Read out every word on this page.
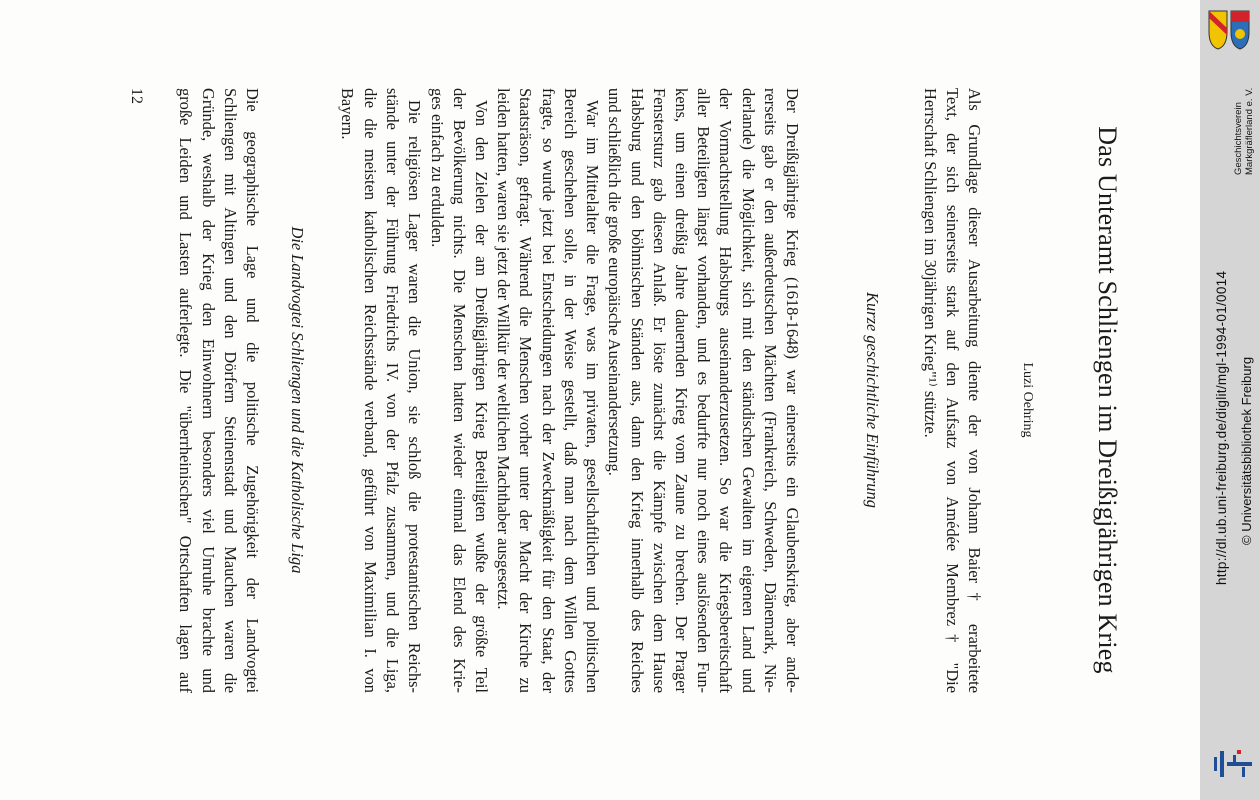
Das Unteramt Schliengen im Dreißigjährigen Krieg
Luzi Oehring

Als Grundlage dieser Ausarbeitung diente der von Johann Baier† erarbeitete
Text, der sich seinerseits stark auf den Aufsatz von Amédée Membrez† "Die
Herrschaft Schliengen im 30jährigen Krieg"¹⁾ stützte.

Kurze geschichtliche Einführung

Der Dreißigjährige Krieg (1618-1648) war einerseits ein Glaubenskrieg, aber ande-
rerseits gab er den außerdeutschen Mächten (Frankreich, Schweden, Dänemark, Nie-
derlande) die Möglichkeit, sich mit den ständischen Gewalten im eigenen Land und
der Vormachtstellung Habsburgs auseinanderzusetzen. So war die Kriegsbereitschaft
aller Beteiligten längst vorhanden, und es bedurfte nur noch eines auslösenden Fun-
kens, um einen dreißig Jahre dauernden Krieg vom Zaune zu brechen. Der Prager
Fenstersturz gab diesen Anlaß. Er löste zunächst die Kämpfe zwischen dem Hause
Habsburg und den böhmischen Ständen aus, dann den Krieg innerhalb des Reiches
und schließlich die große europäische Auseinandersetzung.

War im Mittelalter die Frage, was im privaten, gesellschaftlichen und politischen
Bereich geschehen solle, in der Weise gestellt, daß man nach dem Willen Gottes
fragte, so wurde jetzt bei Entscheidungen nach der Zweckmäßigkeit für den Staat, der
Staatsräson, gefragt. Während die Menschen vorher unter der Macht der Kirche zu
leiden hatten, waren sie jetzt der Willkür der weltlichen Machthaber ausgesetzt.

Von den Zielen der am Dreißigjährigen Krieg Beteiligten wußte der größte Teil
der Bevölkerung nichts. Die Menschen hatten wieder einmal das Elend des Krie-
ges einfach zu erdulden.

Die religiösen Lager waren die Union, sie schloß die protestantischen Reichs-
stände unter der Führung Friedrichs IV. von der Pfalz zusammen, und die Liga,
die die meisten katholischen Reichsstände verband, geführt von Maximilian I. von
Bayern.

Die Landvogtei Schliengen und die Katholische Liga

Die geographische Lage und die politische Zugehörigkeit der Landvogtei
Schliengen mit Altingen und den Dörfern Steinenstadt und Mauchen waren die
Gründe, weshalb der Krieg den Einwohnern besonders viel Unruhe brachte und
große Leiden und Lasten auferlegte. Die "überrheinischen" Ortschaften lagen auf

12
Geschichtsverein Markgräflerland e. V.
http://dl.ub.uni-freiburg.de/diglit/mgl-1994-01/0014 © Universitätsbibliothek Freiburg
